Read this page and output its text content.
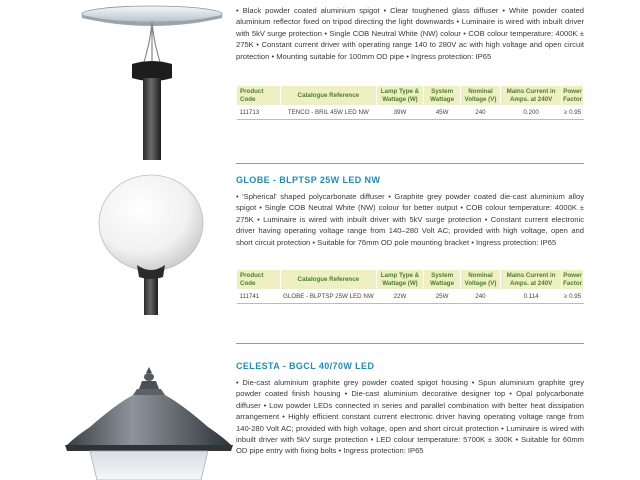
• Black powder coated aluminium spigot • Clear toughened glass diffuser • White powder coated aluminium reflector fixed on tripod directing the light downwards • Luminaire is wired with inbuilt driver with 5kV surge protection • Single COB Neutral White (NW) colour • COB colour temperature: 4000K ± 275K • Constant current driver with operating range 140 to 280V ac with high voltage and open circuit protection • Mounting suitable for 100mm OD pipe • Ingress protection: IP65

Product Code	Catalogue Reference	Lamp Type & Wattage (W)	System Wattage	Nominal Voltage (V)	Mains Current in Amps. at 240V	Power Factor
111713	TENCO - BRIL 45W LED NW	39W	45W	240	0.200	≥ 0.95
GLOBE - BLPTSP 25W LED NW

• 'Spherical' shaped polycarbonate diffuser • Graphite grey powder coated die-cast aluminium alloy spigot • Single COB Neutral White (NW) colour for better output • COB colour temperature: 4000K ± 275K • Luminaire is wired with inbuilt driver with 5kV surge protection • Constant current electronic driver having operating voltage range from 140–280 Volt AC; provided with high voltage, open and short circuit protection • Suitable for 76mm OD pole mounting bracket • Ingress protection: IP65

Product Code	Catalogue Reference	Lamp Type & Wattage (W)	System Wattage	Nominal Voltage (V)	Mains Current in Amps. at 240V	Power Factor
111741	GLOBE - BLPTSP 25W LED NW	22W	25W	240	0.114	≥ 0.95
CELESTA - BGCL 40/70W LED

• Die-cast aluminium graphite grey powder coated spigot housing • Spun aluminium graphite grey powder coated finish housing • Die-cast aluminium decorative designer top • Opal polycarbonate diffuser • Low powder LEDs connected in series and parallel combination with better heat dissipation arrangement • Highly efficient constant current electronic driver having operating voltage range from 140-280 Volt AC; provided with high voltage, open and short circuit protection • Luminaire is wired with inbuilt driver with 5kV surge protection • LED colour temperature: 5700K ± 300K • Suitable for 60mm OD pipe entry with fixing bolts • Ingress protection: IP65
